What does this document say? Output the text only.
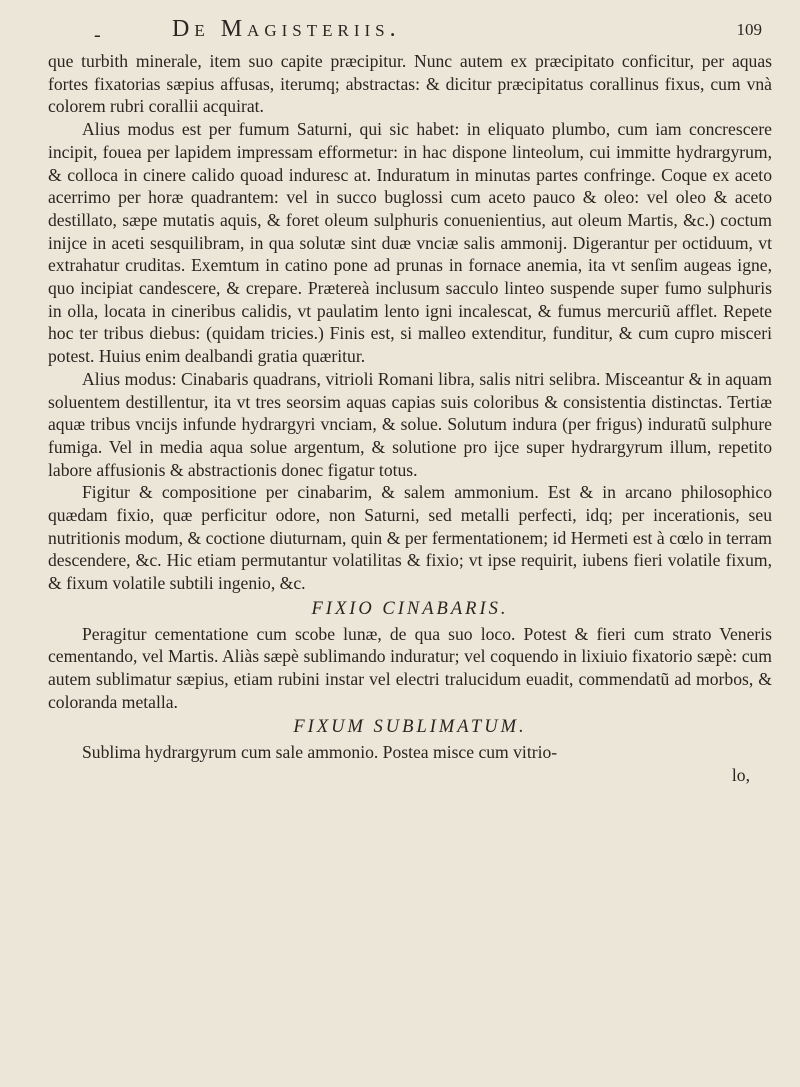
-	De Magisteriis.	109

que turbith minerale, item suo capite præcipitur. Nunc autem ex præcipitato conficitur, per aquas fortes fixatorias sæpius affusas, iterumq; abstractas: & dicitur præcipitatus corallinus fixus, cum vnà colorem rubri corallii acquirat.

Alius modus est per fumum Saturni, qui sic habet: in eliquato plumbo, cum iam concrescere incipit, fouea per lapidem impressam efformetur: in hac dispone linteolum, cui immitte hydrargyrum, & colloca in cinere calido quoad induresc at. Induratum in minutas partes confringe. Coque ex aceto acerrimo per horæ quadrantem: vel in succo buglossi cum aceto pauco & oleo: vel oleo & aceto destillato, sæpe mutatis aquis, & foret oleum sulphuris conuenientius, aut oleum Martis, &c.) coctum inijce in aceti sesquilibram, in qua solutæ sint duæ vnciæ salis ammonij. Digerantur per octiduum, vt extrahatur cruditas. Exemtum in catino pone ad prunas in fornace anemia, ita vt senſim augeas igne, quo incipiat candescere, & crepare. Prætereà inclusum sacculo linteo suspende super fumo sulphuris in olla, locata in cineribus calidis, vt paulatim lento igni incalescat, & fumus mercuriũ afflet. Repete hoc ter tribus diebus: (quidam tricies.) Finis est, si malleo extenditur, funditur, & cum cupro misceri potest. Huius enim dealbandi gratia quæritur.

Alius modus: Cinabaris quadrans, vitrioli Romani libra, salis nitri selibra. Misceantur & in aquam soluentem destillentur, ita vt tres seorsim aquas capias suis coloribus & consistentia distinctas. Tertiæ aquæ tribus vncijs infunde hydrargyri vnciam, & solue. Solutum indura (per frigus) induratũ sulphure fumiga. Vel in media aqua solue argentum, & solutione pro ijce super hydrargyrum illum, repetito labore affusionis & abstractionis donec figatur totus.

Figitur & compositione per cinabarim, & salem ammonium. Est & in arcano philosophico quædam fixio, quæ perficitur odore, non Saturni, sed metalli perfecti, idq; per incerationis, seu nutritionis modum, & coctione diuturnam, quin & per fermentationem; id Hermeti est à cœlo in terram descendere, &c. Hic etiam permutantur volatilitas & fixio; vt ipse requirit, iubens fieri volatile fixum, & fixum volatile subtili ingenio, &c.

FIXIO CINABARIS.

Peragitur cementatione cum scobe lunæ, de qua suo loco. Potest & fieri cum strato Veneris cementando, vel Martis. Aliàs sæpè sublimando induratur; vel coquendo in lixiuio fixatorio sæpè: cum autem sublimatur sæpius, etiam rubini instar vel electri tralucidum euadit, commendatũ ad morbos, & coloranda metalla.

FIXUM SUBLIMATUM.

Sublima hydrargyrum cum sale ammonio. Postea misce cum vitrio-

lo,
